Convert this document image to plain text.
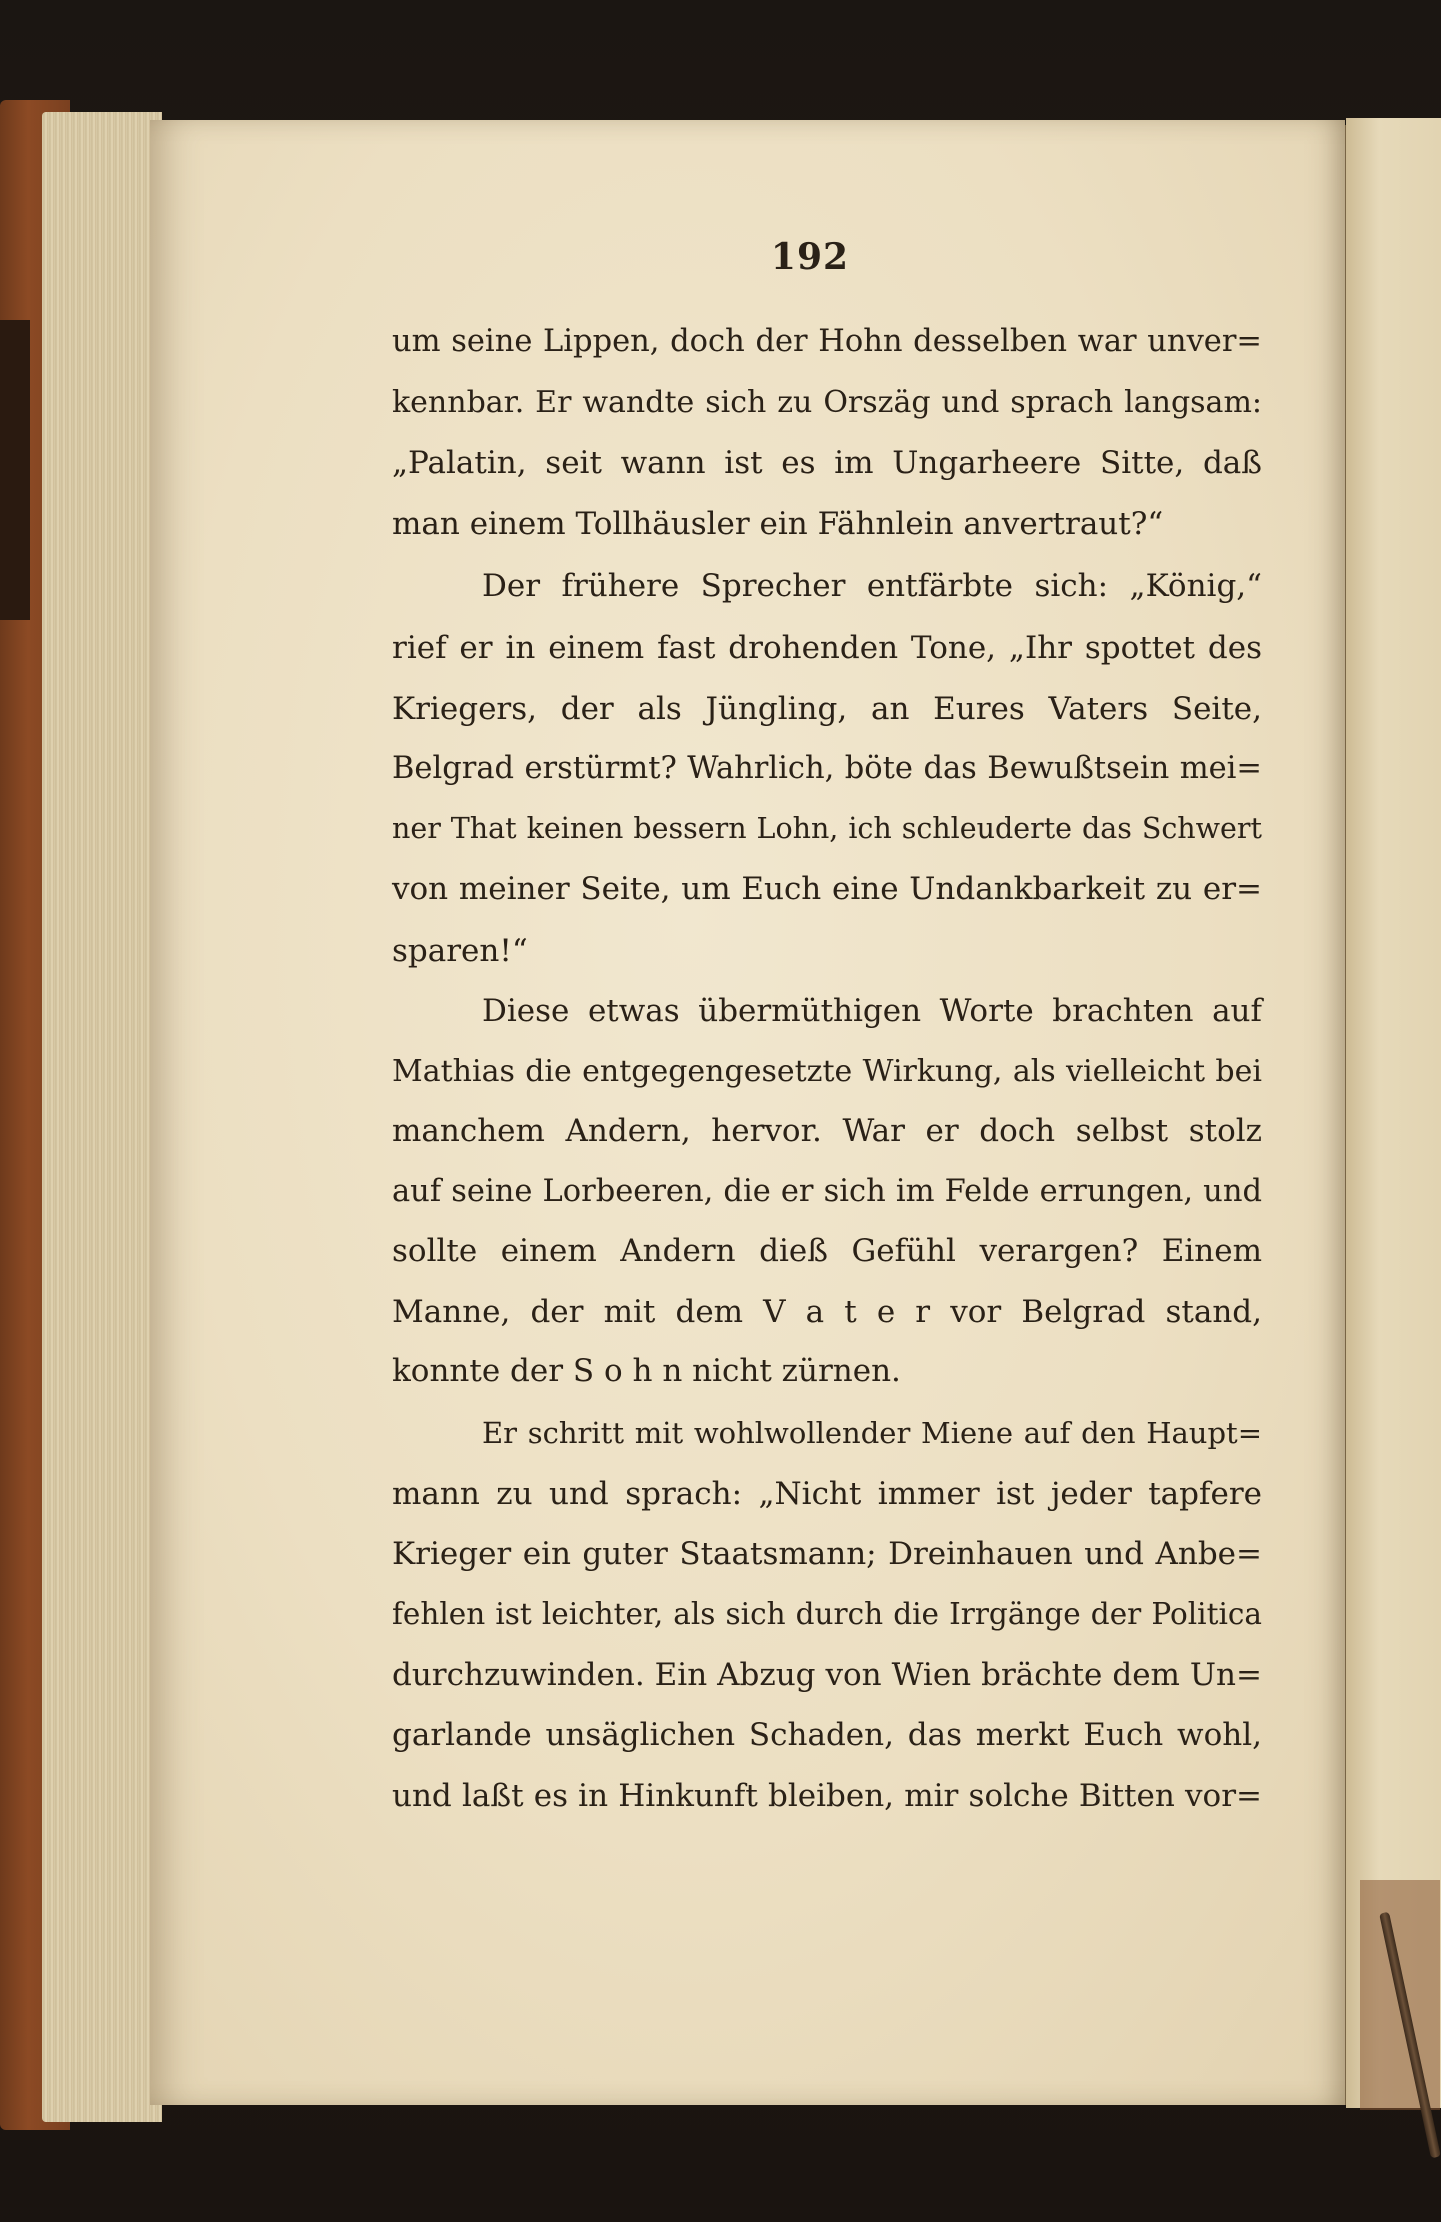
192
um seine Lippen, doch der Hohn desselben war unver=
kennbar. Er wandte sich zu Orszäg und sprach langsam:
„Palatin, seit wann ist es im Ungarheere Sitte, daß
man einem Tollhäusler ein Fähnlein anvertraut?“
Der frühere Sprecher entfärbte sich: „König,“
rief er in einem fast drohenden Tone, „Ihr spottet des
Kriegers, der als Jüngling, an Eures Vaters Seite,
Belgrad erstürmt? Wahrlich, böte das Bewußtsein mei=
ner That keinen bessern Lohn, ich schleuderte das Schwert
von meiner Seite, um Euch eine Undankbarkeit zu er=
sparen!“
Diese etwas übermüthigen Worte brachten auf
Mathias die entgegengesetzte Wirkung, als vielleicht bei
manchem Andern, hervor. War er doch selbst stolz
auf seine Lorbeeren, die er sich im Felde errungen, und
sollte einem Andern dieß Gefühl verargen? Einem
Manne, der mit dem V a t e r vor Belgrad stand,
konnte der S o h n nicht zürnen.
Er schritt mit wohlwollender Miene auf den Haupt=
mann zu und sprach: „Nicht immer ist jeder tapfere
Krieger ein guter Staatsmann; Dreinhauen und Anbe=
fehlen ist leichter, als sich durch die Irrgänge der Politica
durchzuwinden. Ein Abzug von Wien brächte dem Un=
garlande unsäglichen Schaden, das merkt Euch wohl,
und laßt es in Hinkunft bleiben, mir solche Bitten vor=
